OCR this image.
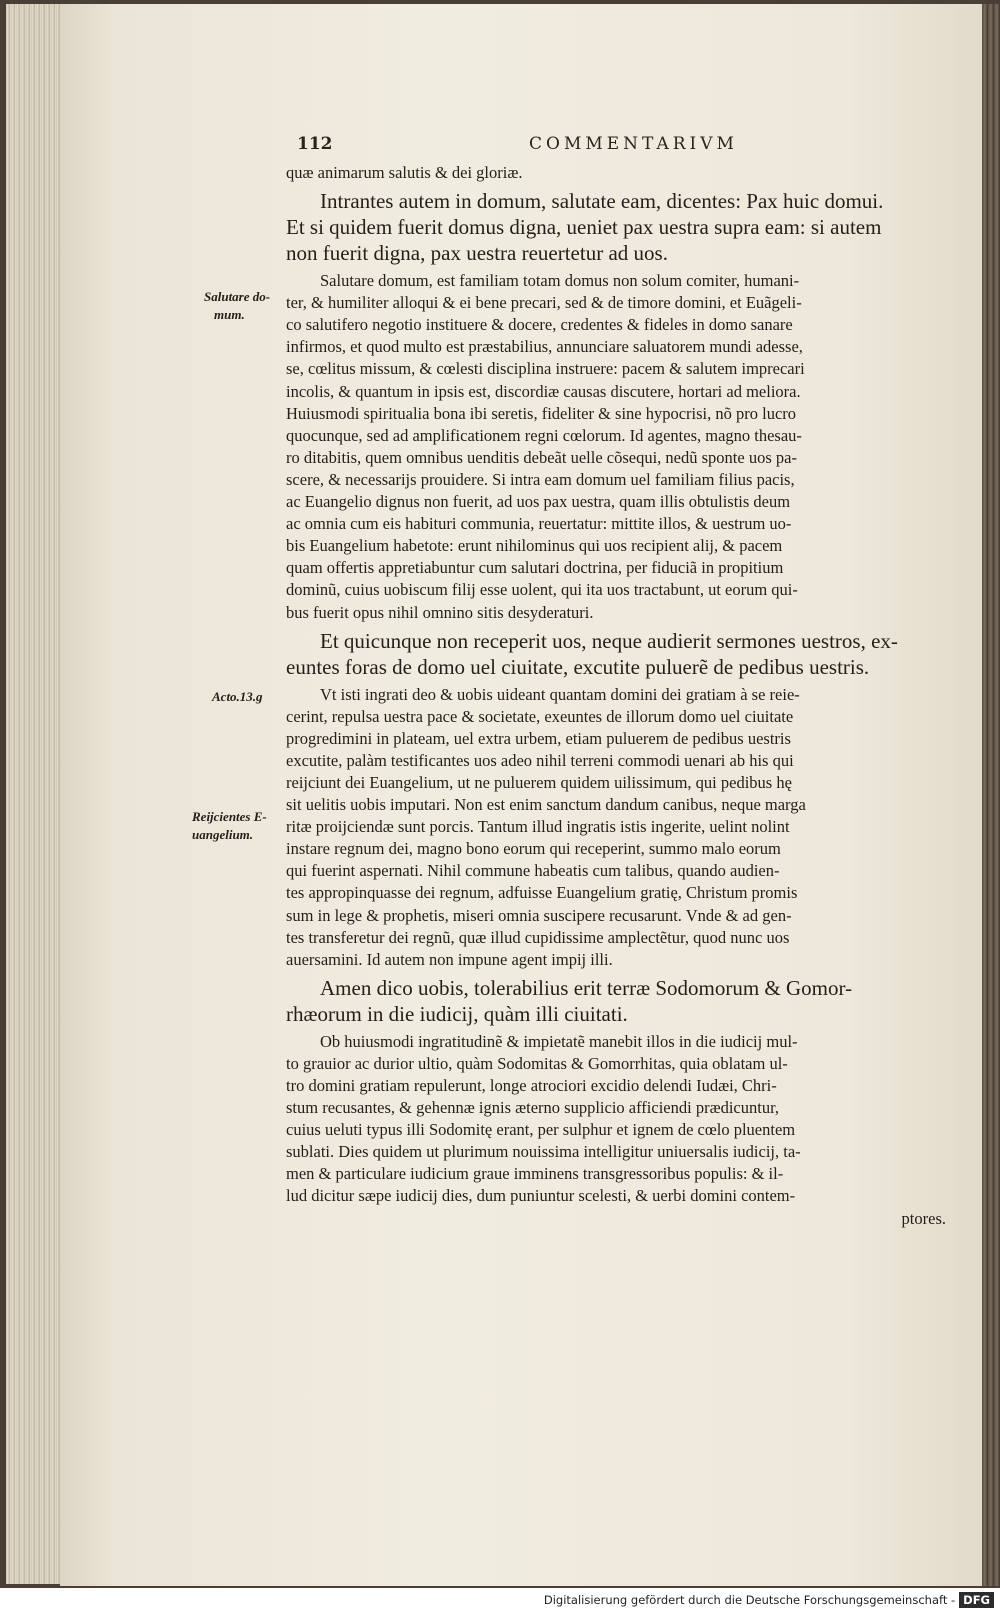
112	COMMENTARIVM
Salutare do-
mum.
Acto.13.g
Reijcientes E-
uangelium.
quæ animarum salutis & dei gloriæ.
Intrantes autem in domum, salutate eam, dicentes: Pax huic domui.
Et si quidem fuerit domus digna, ueniet pax uestra supra eam: si autem
non fuerit digna, pax uestra reuertetur ad uos.
Salutare domum, est familiam totam domus non solum comiter, humani-
ter, & humiliter alloqui & ei bene precari, sed & de timore domini, et Euãgeli-
co salutifero negotio instituere & docere, credentes & fideles in domo sanare
infirmos, et quod multo est præstabilius, annunciare saluatorem mundi adesse,
se, cœlitus missum, & cœlesti disciplina instruere: pacem & salutem imprecari
incolis, & quantum in ipsis est, discordiæ causas discutere, hortari ad meliora.
Huiusmodi spiritualia bona ibi seretis, fideliter & sine hypocrisi, nõ pro lucro
quocunque, sed ad amplificationem regni cœlorum. Id agentes, magno thesau-
ro ditabitis, quem omnibus uenditis debeãt uelle cõsequi, nedũ sponte uos pa-
scere, & necessarijs prouidere. Si intra eam domum uel familiam filius pacis,
ac Euangelio dignus non fuerit, ad uos pax uestra, quam illis obtulistis deum
ac omnia cum eis habituri communia, reuertatur: mittite illos, & uestrum uo-
bis Euangelium habetote: erunt nihilominus qui uos recipient alij, & pacem
quam offertis appretiabuntur cum salutari doctrina, per fiduciã in propitium
dominũ, cuius uobiscum filij esse uolent, qui ita uos tractabunt, ut eorum qui-
bus fuerit opus nihil omnino sitis desyderaturi.
Et quicunque non receperit uos, neque audierit sermones uestros, ex-
euntes foras de domo uel ciuitate, excutite puluerẽ de pedibus uestris.
Vt isti ingrati deo & uobis uideant quantam domini dei gratiam à se reie-
cerint, repulsa uestra pace & societate, exeuntes de illorum domo uel ciuitate
progredimini in plateam, uel extra urbem, etiam puluerem de pedibus uestris
excutite, palàm testificantes uos adeo nihil terreni commodi uenari ab his qui
reijciunt dei Euangelium, ut ne puluerem quidem uilissimum, qui pedibus hę
sit uelitis uobis imputari. Non est enim sanctum dandum canibus, neque marga
ritæ proijciendæ sunt porcis. Tantum illud ingratis istis ingerite, uelint nolint
instare regnum dei, magno bono eorum qui receperint, summo malo eorum
qui fuerint aspernati. Nihil commune habeatis cum talibus, quando audien-
tes appropinquasse dei regnum, adfuisse Euangelium gratię, Christum promis
sum in lege & prophetis, miseri omnia suscipere recusarunt. Vnde & ad gen-
tes transferetur dei regnũ, quæ illud cupidissime amplectẽtur, quod nunc uos
auersamini. Id autem non impune agent impij illi.
Amen dico uobis, tolerabilius erit terræ Sodomorum & Gomor-
rhæorum in die iudicij, quàm illi ciuitati.
Ob huiusmodi ingratitudinẽ & impietatẽ manebit illos in die iudicij mul-
to grauior ac durior ultio, quàm Sodomitas & Gomorrhitas, quia oblatam ul-
tro domini gratiam repulerunt, longe atrociori excidio delendi Iudæi, Chri-
stum recusantes, & gehennæ ignis æterno supplicio afficiendi prædicuntur,
cuius ueluti typus illi Sodomitę erant, per sulphur et ignem de cœlo pluentem
sublati. Dies quidem ut plurimum nouissima intelligitur uniuersalis iudicij, ta-
men & particulare iudicium graue imminens transgressoribus populis: & il-
lud dicitur sæpe iudicij dies, dum puniuntur scelesti, & uerbi domini contem-
ptores.
Digitalisierung gefördert durch die Deutsche Forschungsgemeinschaft - DFG
